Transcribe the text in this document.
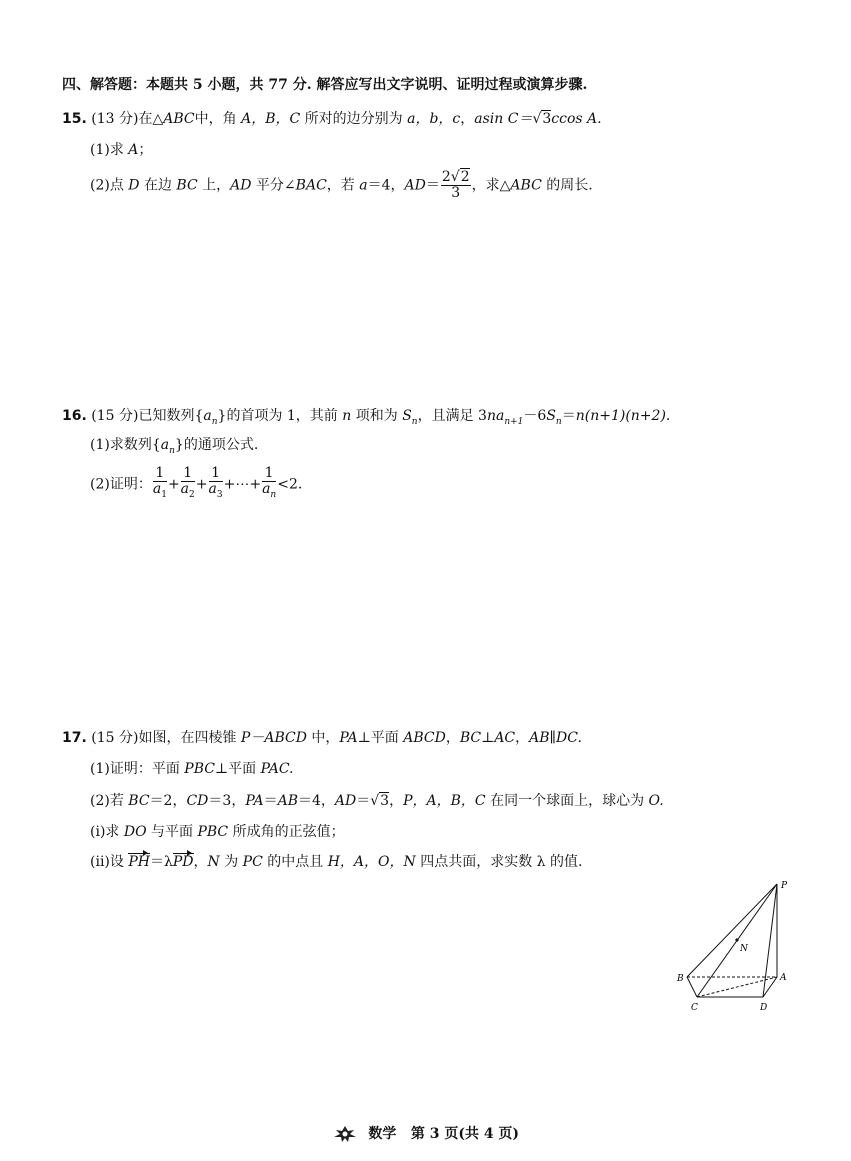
四、解答题：本题共 5 小题，共 77 分. 解答应写出文字说明、证明过程或演算步骤.
15. (13 分)在△ABC中，角 A，B，C 所对的边分别为 a，b，c，asin C＝√3ccos A.
(1)求 A；
(2)点 D 在边 BC 上，AD 平分∠BAC，若 a＝4，$AD= \frac{2√2}{3}$ ，求△ABC 的周长.
16. (15 分)已知数列$\{a_n\}$的首项为 1，其前 n 项和为 $S_n$，且满足 $3na_{n+1}-6S_n=n(n+1)(n+2)$.
(1)求数列$\{a_n\}$的通项公式.
(2)证明： $\frac{1}{a_1} + \frac{1}{a_2} + \frac{1}{a_3}$ +⋯+ $\frac{1}{a_n} <2$.
17. (15 分)如图，在四棱锥 P－ABCD 中，PA⊥平面 ABCD，BC⊥AC，AB∥DC.
(1)证明：平面 PBC⊥平面 PAC.
(2)若 BC＝2，CD＝3，PA＝AB＝4，AD＝√3，P，A，B，C 在同一个球面上，球心为 O.
(i)求 DO 与平面 PBC 所成角的正弦值；
(ii)设 PH＝λPD，N 为 PC 的中点且 H，A，O，N 四点共面，求实数 λ 的值.
P
N
B	A
C	D
数学 第 3 页(共 4 页)
